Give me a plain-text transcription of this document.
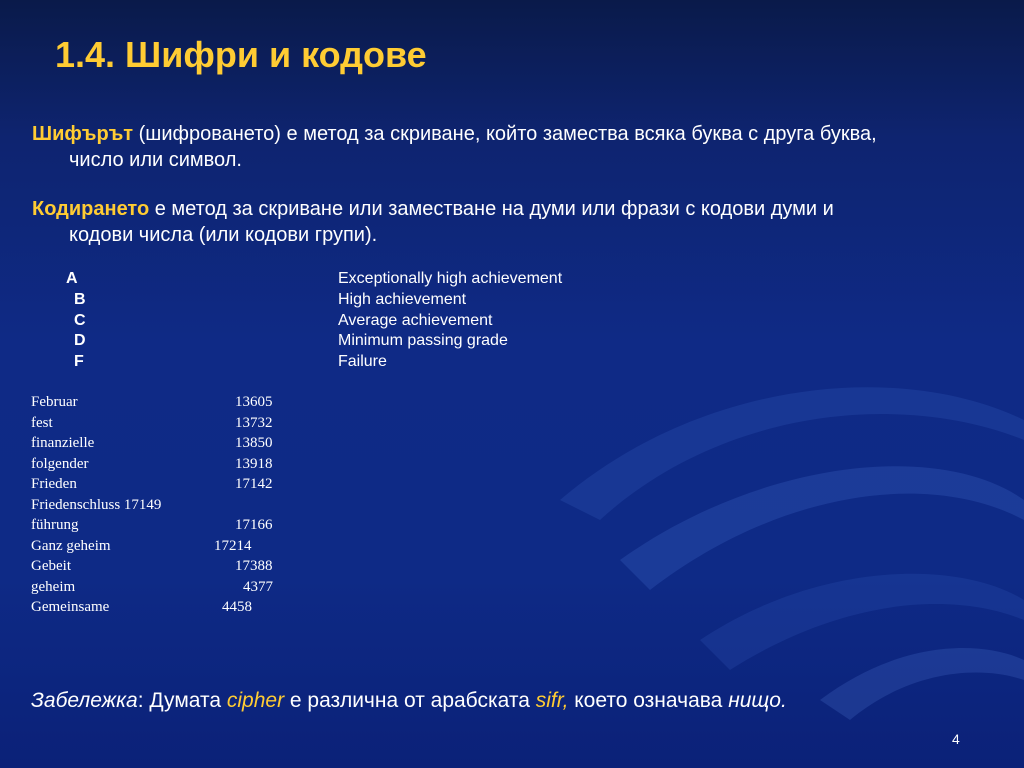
1.4. Шифри и кодове
Шифърът (шифроването) е метод за скриване, който замества всяка буква с друга буква,
число или символ.
Кодирането е метод за скриване или заместване на думи или фрази с кодови думи и
кодови числа (или кодови групи).
A	Exceptionally high achievement
B	High achievement
C	Average achievement
D	Minimum passing grade
F	Failure
Februar	13605
fest	13732
finanzielle	13850
folgender	13918
Frieden	17142
Friedenschluss 17149
führung	17166
Ganz geheim	17214
Gebeit	17388
geheim	4377
Gemeinsame	4458
Забележка: Думата cipher е различна от арабската sifr, което означава нищо.
4
